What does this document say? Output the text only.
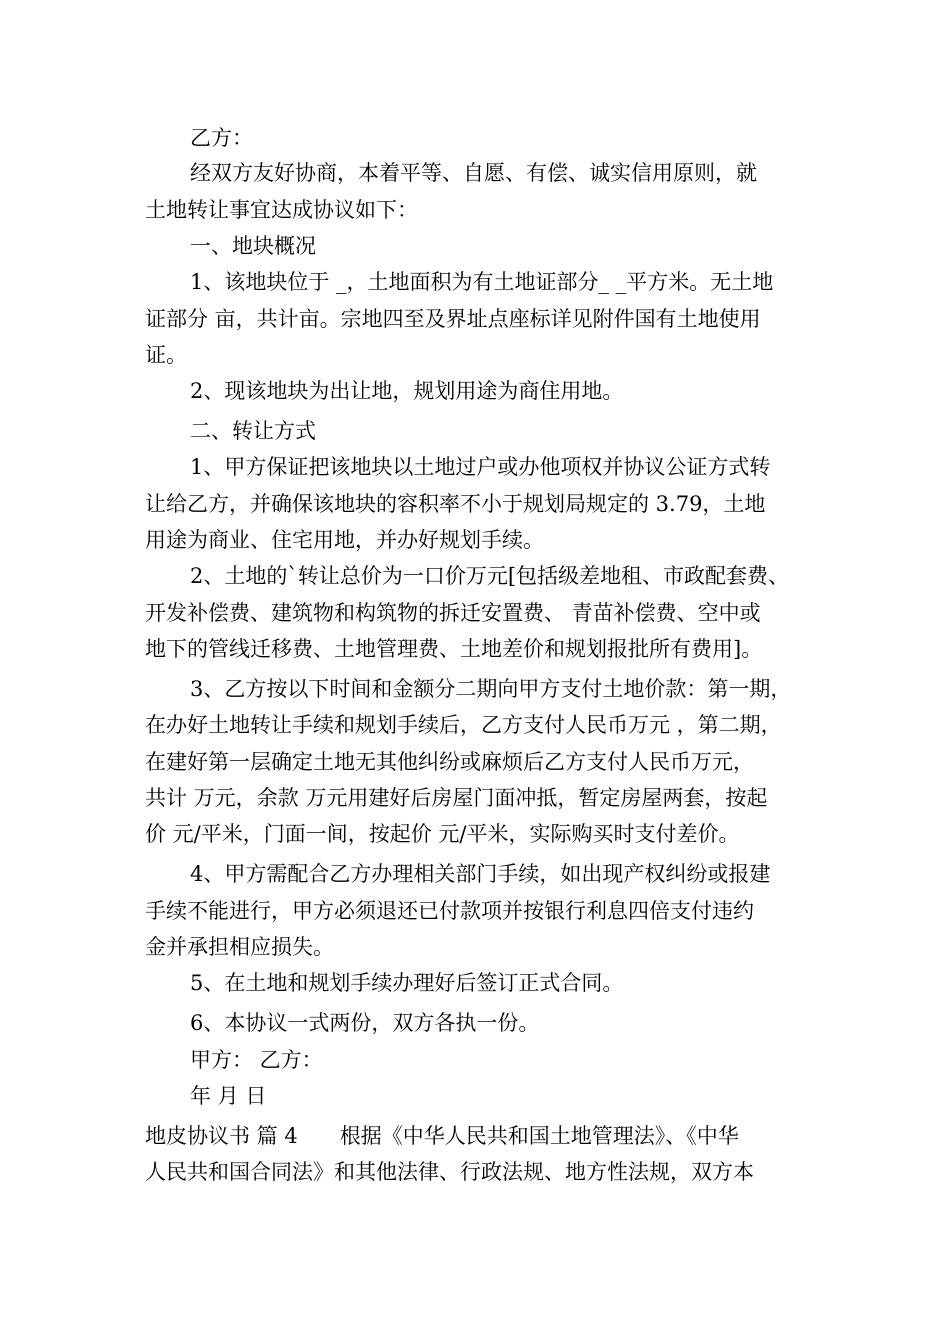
乙方：
经双方友好协商，本着平等、自愿、有偿、诚实信用原则，就
土地转让事宜达成协议如下：
一、地块概况
1、该地块位于 _，土地面积为有土地证部分_ _平方米。无土地
证部分 亩，共计亩。宗地四至及界址点座标详见附件国有土地使用
证。
2、现该地块为出让地，规划用途为商住用地。
二、转让方式
1、甲方保证把该地块以土地过户或办他项权并协议公证方式转
让给乙方，并确保该地块的容积率不小于规划局规定的 3.79，土地
用途为商业、住宅用地，并办好规划手续。
2、土地的`转让总价为一口价万元[包括级差地租、市政配套费、
开发补偿费、建筑物和构筑物的拆迁安置费、 青苗补偿费、空中或
地下的管线迁移费、土地管理费、土地差价和规划报批所有费用]。
3、乙方按以下时间和金额分二期向甲方支付土地价款：第一期，
在办好土地转让手续和规划手续后，乙方支付人民币万元 ，第二期，
在建好第一层确定土地无其他纠纷或麻烦后乙方支付人民币万元，
共计 万元，余款 万元用建好后房屋门面冲抵，暂定房屋两套，按起
价 元/平米，门面一间，按起价 元/平米，实际购买时支付差价。
4、甲方需配合乙方办理相关部门手续，如出现产权纠纷或报建
手续不能进行，甲方必须退还已付款项并按银行利息四倍支付违约
金并承担相应损失。
5、在土地和规划手续办理好后签订正式合同。
6、本协议一式两份，双方各执一份。
甲方： 乙方：
年 月 日
地皮协议书 篇 4 根据《中华人民共和国土地管理法》、《中华
人民共和国合同法》和其他法律、行政法规、地方性法规，双方本
